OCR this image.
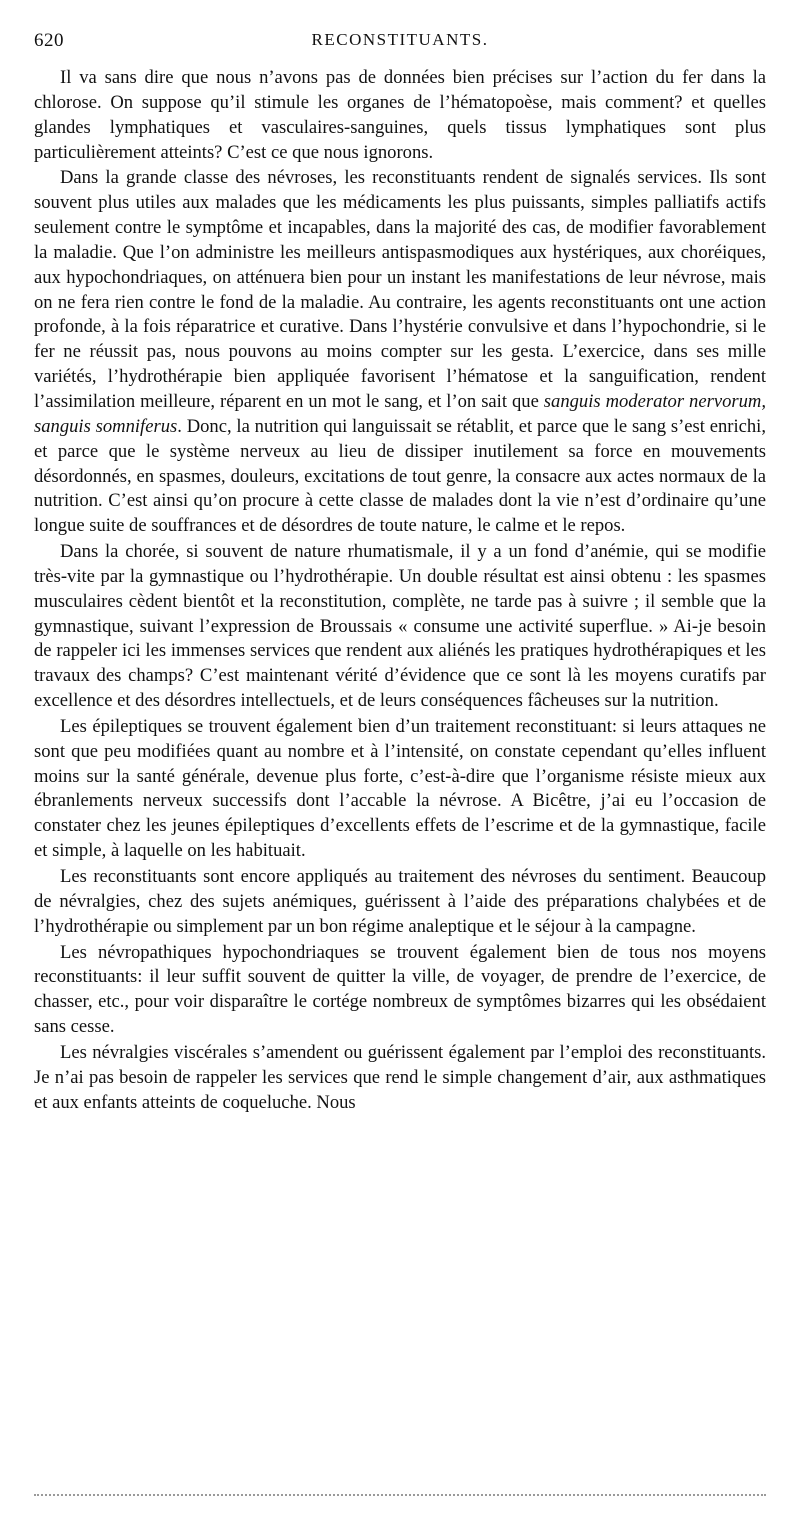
620	RECONSTITUANTS.

Il va sans dire que nous n’avons pas de données bien précises sur l’action du fer dans la chlorose. On suppose qu’il stimule les organes de l’hématopoèse, mais comment? et quelles glandes lymphatiques et vasculaires-sanguines, quels tissus lymphatiques sont plus particulièrement atteints? C’est ce que nous ignorons.

Dans la grande classe des névroses, les reconstituants rendent de signalés services. Ils sont souvent plus utiles aux malades que les médicaments les plus puissants, simples palliatifs actifs seulement contre le symptôme et incapables, dans la majorité des cas, de modifier favorablement la maladie. Que l’on administre les meilleurs antispasmodiques aux hystériques, aux choréiques, aux hypochondriaques, on atténuera bien pour un instant les manifestations de leur névrose, mais on ne fera rien contre le fond de la maladie. Au contraire, les agents reconstituants ont une action profonde, à la fois réparatrice et curative. Dans l’hystérie convulsive et dans l’hypochondrie, si le fer ne réussit pas, nous pouvons au moins compter sur les gesta. L’exercice, dans ses mille variétés, l’hydrothérapie bien appliquée favorisent l’hématose et la sanguification, rendent l’assimilation meilleure, réparent en un mot le sang, et l’on sait que sanguis moderator nervorum, sanguis somniferus. Donc, la nutrition qui languissait se rétablit, et parce que le sang s’est enrichi, et parce que le système nerveux au lieu de dissiper inutilement sa force en mouvements désordonnés, en spasmes, douleurs, excitations de tout genre, la consacre aux actes normaux de la nutrition. C’est ainsi qu’on procure à cette classe de malades dont la vie n’est d’ordinaire qu’une longue suite de souffrances et de désordres de toute nature, le calme et le repos.

Dans la chorée, si souvent de nature rhumatismale, il y a un fond d’anémie, qui se modifie très-vite par la gymnastique ou l’hydrothérapie. Un double résultat est ainsi obtenu : les spasmes musculaires cèdent bientôt et la reconstitution, complète, ne tarde pas à suivre ; il semble que la gymnastique, suivant l’expression de Broussais « consume une activité superflue. » Ai-je besoin de rappeler ici les immenses services que rendent aux aliénés les pratiques hydrothérapiques et les travaux des champs? C’est maintenant vérité d’évidence que ce sont là les moyens curatifs par excellence et des désordres intellectuels, et de leurs conséquences fâcheuses sur la nutrition.

Les épileptiques se trouvent également bien d’un traitement reconstituant: si leurs attaques ne sont que peu modifiées quant au nombre et à l’intensité, on constate cependant qu’elles influent moins sur la santé générale, devenue plus forte, c’est-à-dire que l’organisme résiste mieux aux ébranlements nerveux successifs dont l’accable la névrose. A Bicêtre, j’ai eu l’occasion de constater chez les jeunes épileptiques d’excellents effets de l’escrime et de la gymnastique, facile et simple, à laquelle on les habituait.

Les reconstituants sont encore appliqués au traitement des névroses du sentiment. Beaucoup de névralgies, chez des sujets anémiques, guérissent à l’aide des préparations chalybées et de l’hydrothérapie ou simplement par un bon régime analeptique et le séjour à la campagne.

Les névropathiques hypochondriaques se trouvent également bien de tous nos moyens reconstituants: il leur suffit souvent de quitter la ville, de voyager, de prendre de l’exercice, de chasser, etc., pour voir disparaître le cortége nombreux de symptômes bizarres qui les obsédaient sans cesse.

Les névralgies viscérales s’amendent ou guérissent également par l’emploi des reconstituants. Je n’ai pas besoin de rappeler les services que rend le simple changement d’air, aux asthmatiques et aux enfants atteints de coqueluche. Nous
